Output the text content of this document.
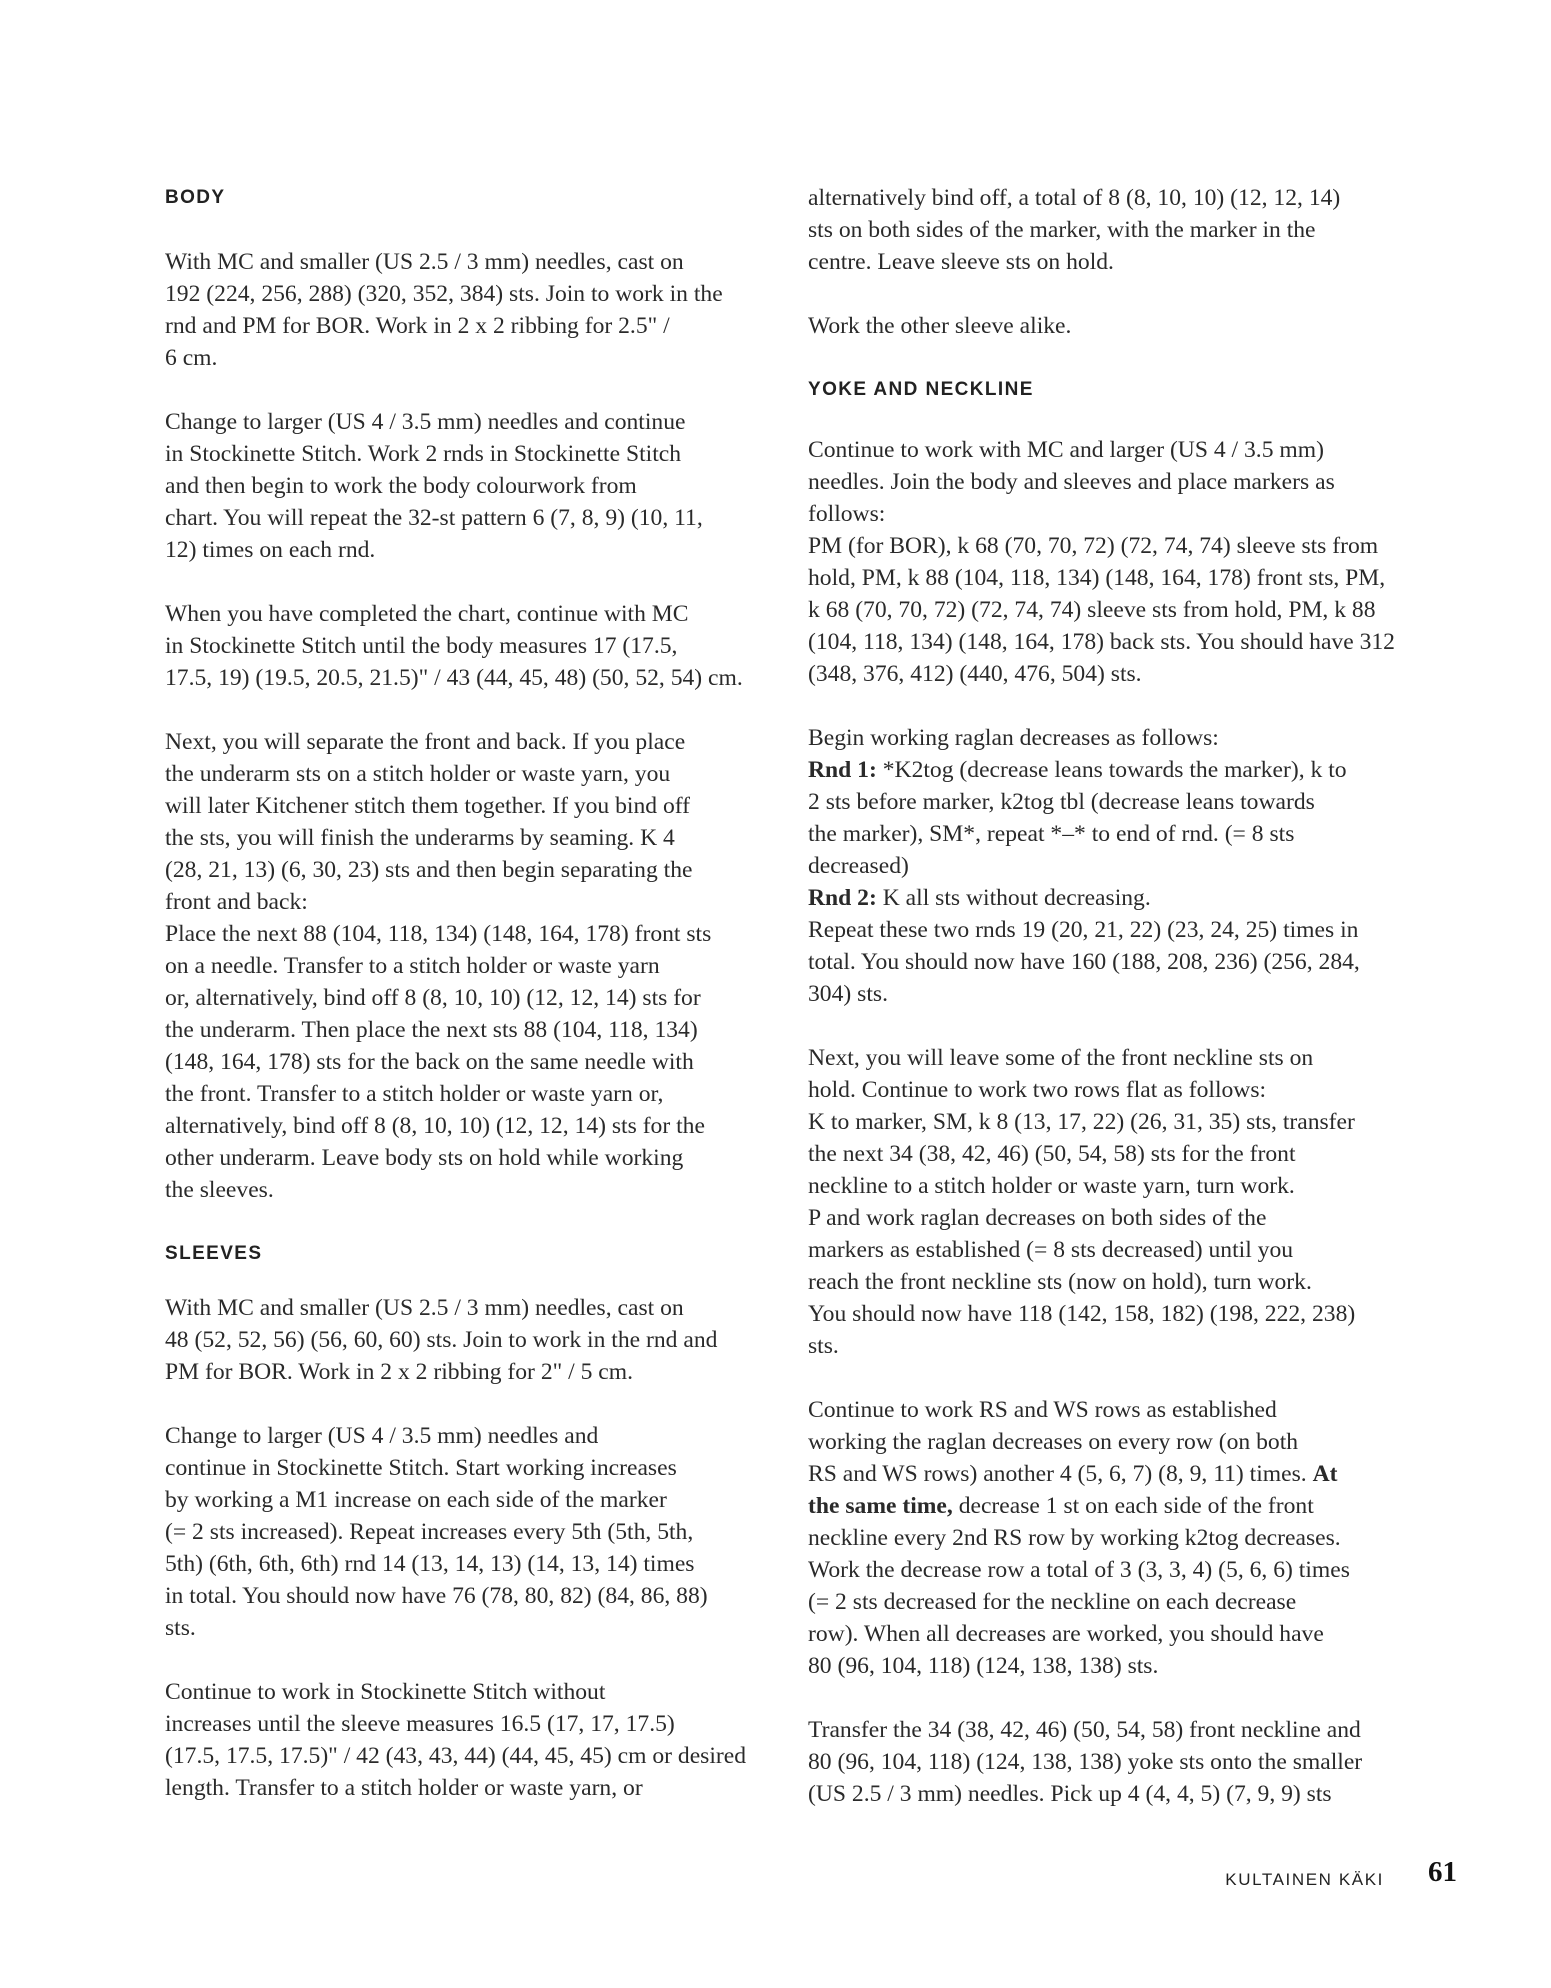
BODY

With MC and smaller (US 2.5 / 3 mm) needles, cast on
192 (224, 256, 288) (320, 352, 384) sts. Join to work in the
rnd and PM for BOR. Work in 2 x 2 ribbing for 2.5" /
6 cm.

Change to larger (US 4 / 3.5 mm) needles and continue
in Stockinette Stitch. Work 2 rnds in Stockinette Stitch
and then begin to work the body colourwork from
chart. You will repeat the 32-st pattern 6 (7, 8, 9) (10, 11,
12) times on each rnd.

When you have completed the chart, continue with MC
in Stockinette Stitch until the body measures 17 (17.5,
17.5, 19) (19.5, 20.5, 21.5)" / 43 (44, 45, 48) (50, 52, 54) cm.

Next, you will separate the front and back. If you place
the underarm sts on a stitch holder or waste yarn, you
will later Kitchener stitch them together. If you bind off
the sts, you will finish the underarms by seaming. K 4
(28, 21, 13) (6, 30, 23) sts and then begin separating the
front and back:
Place the next 88 (104, 118, 134) (148, 164, 178) front sts
on a needle. Transfer to a stitch holder or waste yarn
or, alternatively, bind off 8 (8, 10, 10) (12, 12, 14) sts for
the underarm. Then place the next sts 88 (104, 118, 134)
(148, 164, 178) sts for the back on the same needle with
the front. Transfer to a stitch holder or waste yarn or,
alternatively, bind off 8 (8, 10, 10) (12, 12, 14) sts for the
other underarm. Leave body sts on hold while working
the sleeves.

SLEEVES

With MC and smaller (US 2.5 / 3 mm) needles, cast on
48 (52, 52, 56) (56, 60, 60) sts. Join to work in the rnd and
PM for BOR. Work in 2 x 2 ribbing for 2" / 5 cm.

Change to larger (US 4 / 3.5 mm) needles and
continue in Stockinette Stitch. Start working increases
by working a M1 increase on each side of the marker
(= 2 sts increased). Repeat increases every 5th (5th, 5th,
5th) (6th, 6th, 6th) rnd 14 (13, 14, 13) (14, 13, 14) times
in total. You should now have 76 (78, 80, 82) (84, 86, 88)
sts.

Continue to work in Stockinette Stitch without
increases until the sleeve measures 16.5 (17, 17, 17.5)
(17.5, 17.5, 17.5)" / 42 (43, 43, 44) (44, 45, 45) cm or desired
length. Transfer to a stitch holder or waste yarn, or

alternatively bind off, a total of 8 (8, 10, 10) (12, 12, 14)
sts on both sides of the marker, with the marker in the
centre. Leave sleeve sts on hold.

Work the other sleeve alike.

YOKE AND NECKLINE

Continue to work with MC and larger (US 4 / 3.5 mm)
needles. Join the body and sleeves and place markers as
follows:
PM (for BOR), k 68 (70, 70, 72) (72, 74, 74) sleeve sts from
hold, PM, k 88 (104, 118, 134) (148, 164, 178) front sts, PM,
k 68 (70, 70, 72) (72, 74, 74) sleeve sts from hold, PM, k 88
(104, 118, 134) (148, 164, 178) back sts. You should have 312
(348, 376, 412) (440, 476, 504) sts.

Begin working raglan decreases as follows:
Rnd 1: *K2tog (decrease leans towards the marker), k to
2 sts before marker, k2tog tbl (decrease leans towards
the marker), SM*, repeat *–* to end of rnd. (= 8 sts
decreased)
Rnd 2: K all sts without decreasing.
Repeat these two rnds 19 (20, 21, 22) (23, 24, 25) times in
total. You should now have 160 (188, 208, 236) (256, 284,
304) sts.

Next, you will leave some of the front neckline sts on
hold. Continue to work two rows flat as follows:
K to marker, SM, k 8 (13, 17, 22) (26, 31, 35) sts, transfer
the next 34 (38, 42, 46) (50, 54, 58) sts for the front
neckline to a stitch holder or waste yarn, turn work.
P and work raglan decreases on both sides of the
markers as established (= 8 sts decreased) until you
reach the front neckline sts (now on hold), turn work.
You should now have 118 (142, 158, 182) (198, 222, 238)
sts.

Continue to work RS and WS rows as established
working the raglan decreases on every row (on both
RS and WS rows) another 4 (5, 6, 7) (8, 9, 11) times. At
the same time, decrease 1 st on each side of the front
neckline every 2nd RS row by working k2tog decreases.
Work the decrease row a total of 3 (3, 3, 4) (5, 6, 6) times
(= 2 sts decreased for the neckline on each decrease
row). When all decreases are worked, you should have
80 (96, 104, 118) (124, 138, 138) sts.

Transfer the 34 (38, 42, 46) (50, 54, 58) front neckline and
80 (96, 104, 118) (124, 138, 138) yoke sts onto the smaller
(US 2.5 / 3 mm) needles. Pick up 4 (4, 4, 5) (7, 9, 9) sts

KULTAINEN KÄKI 61
